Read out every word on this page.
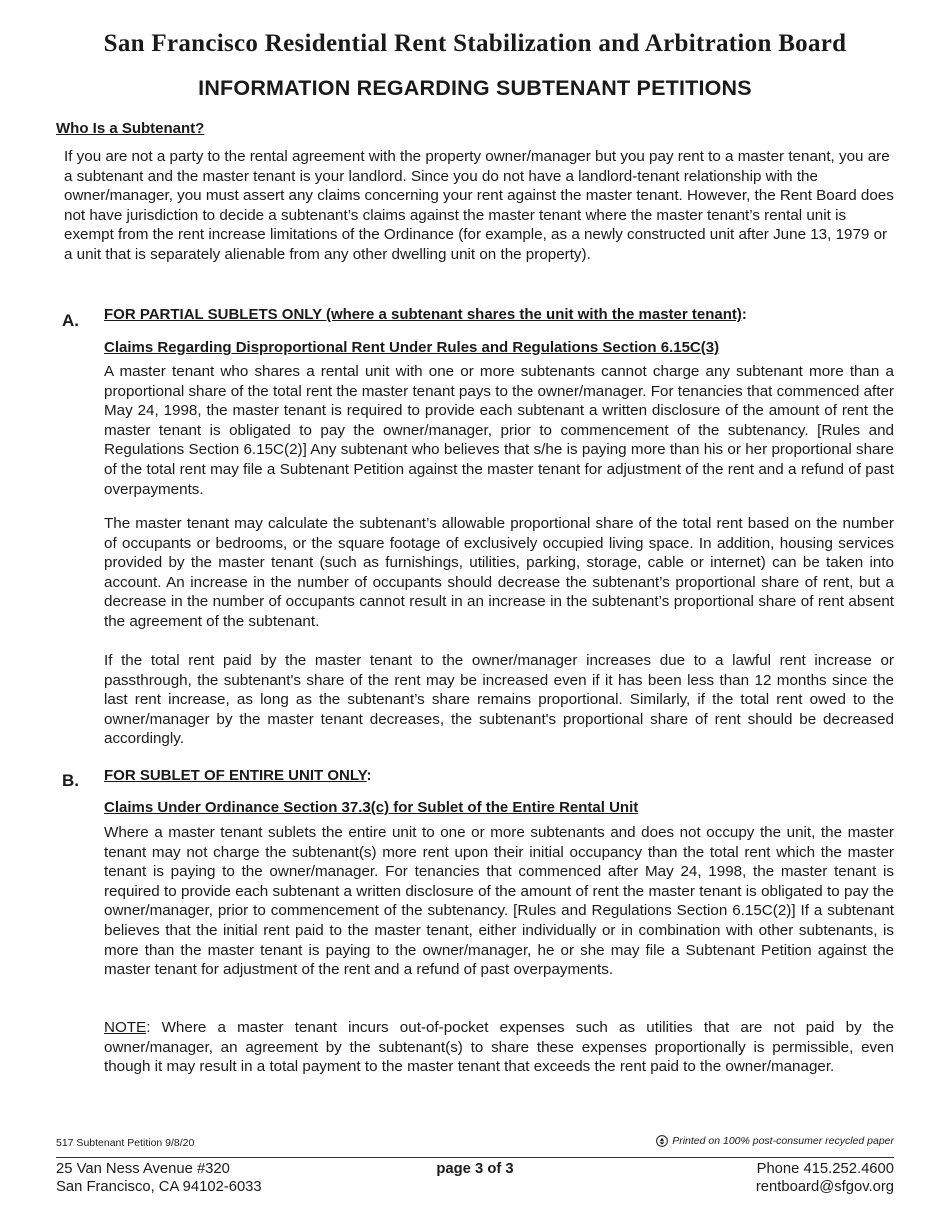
San Francisco Residential Rent Stabilization and Arbitration Board
INFORMATION REGARDING SUBTENANT PETITIONS
Who Is a Subtenant?
If you are not a party to the rental agreement with the property owner/manager but you pay rent to a master tenant, you are a subtenant and the master tenant is your landlord. Since you do not have a landlord-tenant relationship with the owner/manager, you must assert any claims concerning your rent against the master tenant. However, the Rent Board does not have jurisdiction to decide a subtenant’s claims against the master tenant where the master tenant’s rental unit is exempt from the rent increase limitations of the Ordinance (for example, as a newly constructed unit after June 13, 1979 or a unit that is separately alienable from any other dwelling unit on the property).
A. FOR PARTIAL SUBLETS ONLY (where a subtenant shares the unit with the master tenant):
Claims Regarding Disproportional Rent Under Rules and Regulations Section 6.15C(3)
A master tenant who shares a rental unit with one or more subtenants cannot charge any subtenant more than a proportional share of the total rent the master tenant pays to the owner/manager. For tenancies that commenced after May 24, 1998, the master tenant is required to provide each subtenant a written disclosure of the amount of rent the master tenant is obligated to pay the owner/manager, prior to commencement of the subtenancy. [Rules and Regulations Section 6.15C(2)] Any subtenant who believes that s/he is paying more than his or her proportional share of the total rent may file a Subtenant Petition against the master tenant for adjustment of the rent and a refund of past overpayments.
The master tenant may calculate the subtenant’s allowable proportional share of the total rent based on the number of occupants or bedrooms, or the square footage of exclusively occupied living space. In addition, housing services provided by the master tenant (such as furnishings, utilities, parking, storage, cable or internet) can be taken into account. An increase in the number of occupants should decrease the subtenant’s proportional share of rent, but a decrease in the number of occupants cannot result in an increase in the subtenant’s proportional share of rent absent the agreement of the subtenant.
If the total rent paid by the master tenant to the owner/manager increases due to a lawful rent increase or passthrough, the subtenant's share of the rent may be increased even if it has been less than 12 months since the last rent increase, as long as the subtenant’s share remains proportional. Similarly, if the total rent owed to the owner/manager by the master tenant decreases, the subtenant's proportional share of rent should be decreased accordingly.
B. FOR SUBLET OF ENTIRE UNIT ONLY:
Claims Under Ordinance Section 37.3(c) for Sublet of the Entire Rental Unit
Where a master tenant sublets the entire unit to one or more subtenants and does not occupy the unit, the master tenant may not charge the subtenant(s) more rent upon their initial occupancy than the total rent which the master tenant is paying to the owner/manager. For tenancies that commenced after May 24, 1998, the master tenant is required to provide each subtenant a written disclosure of the amount of rent the master tenant is obligated to pay the owner/manager, prior to commencement of the subtenancy. [Rules and Regulations Section 6.15C(2)] If a subtenant believes that the initial rent paid to the master tenant, either individually or in combination with other subtenants, is more than the master tenant is paying to the owner/manager, he or she may file a Subtenant Petition against the master tenant for adjustment of the rent and a refund of past overpayments.
NOTE: Where a master tenant incurs out-of-pocket expenses such as utilities that are not paid by the owner/manager, an agreement by the subtenant(s) to share these expenses proportionally is permissible, even though it may result in a total payment to the master tenant that exceeds the rent paid to the owner/manager.
517 Subtenant Petition 9/8/20	Printed on 100% post-consumer recycled paper
25 Van Ness Avenue #320
San Francisco, CA 94102-6033
page 3 of 3	Phone 415.252.4600
rentboard@sfgov.org
